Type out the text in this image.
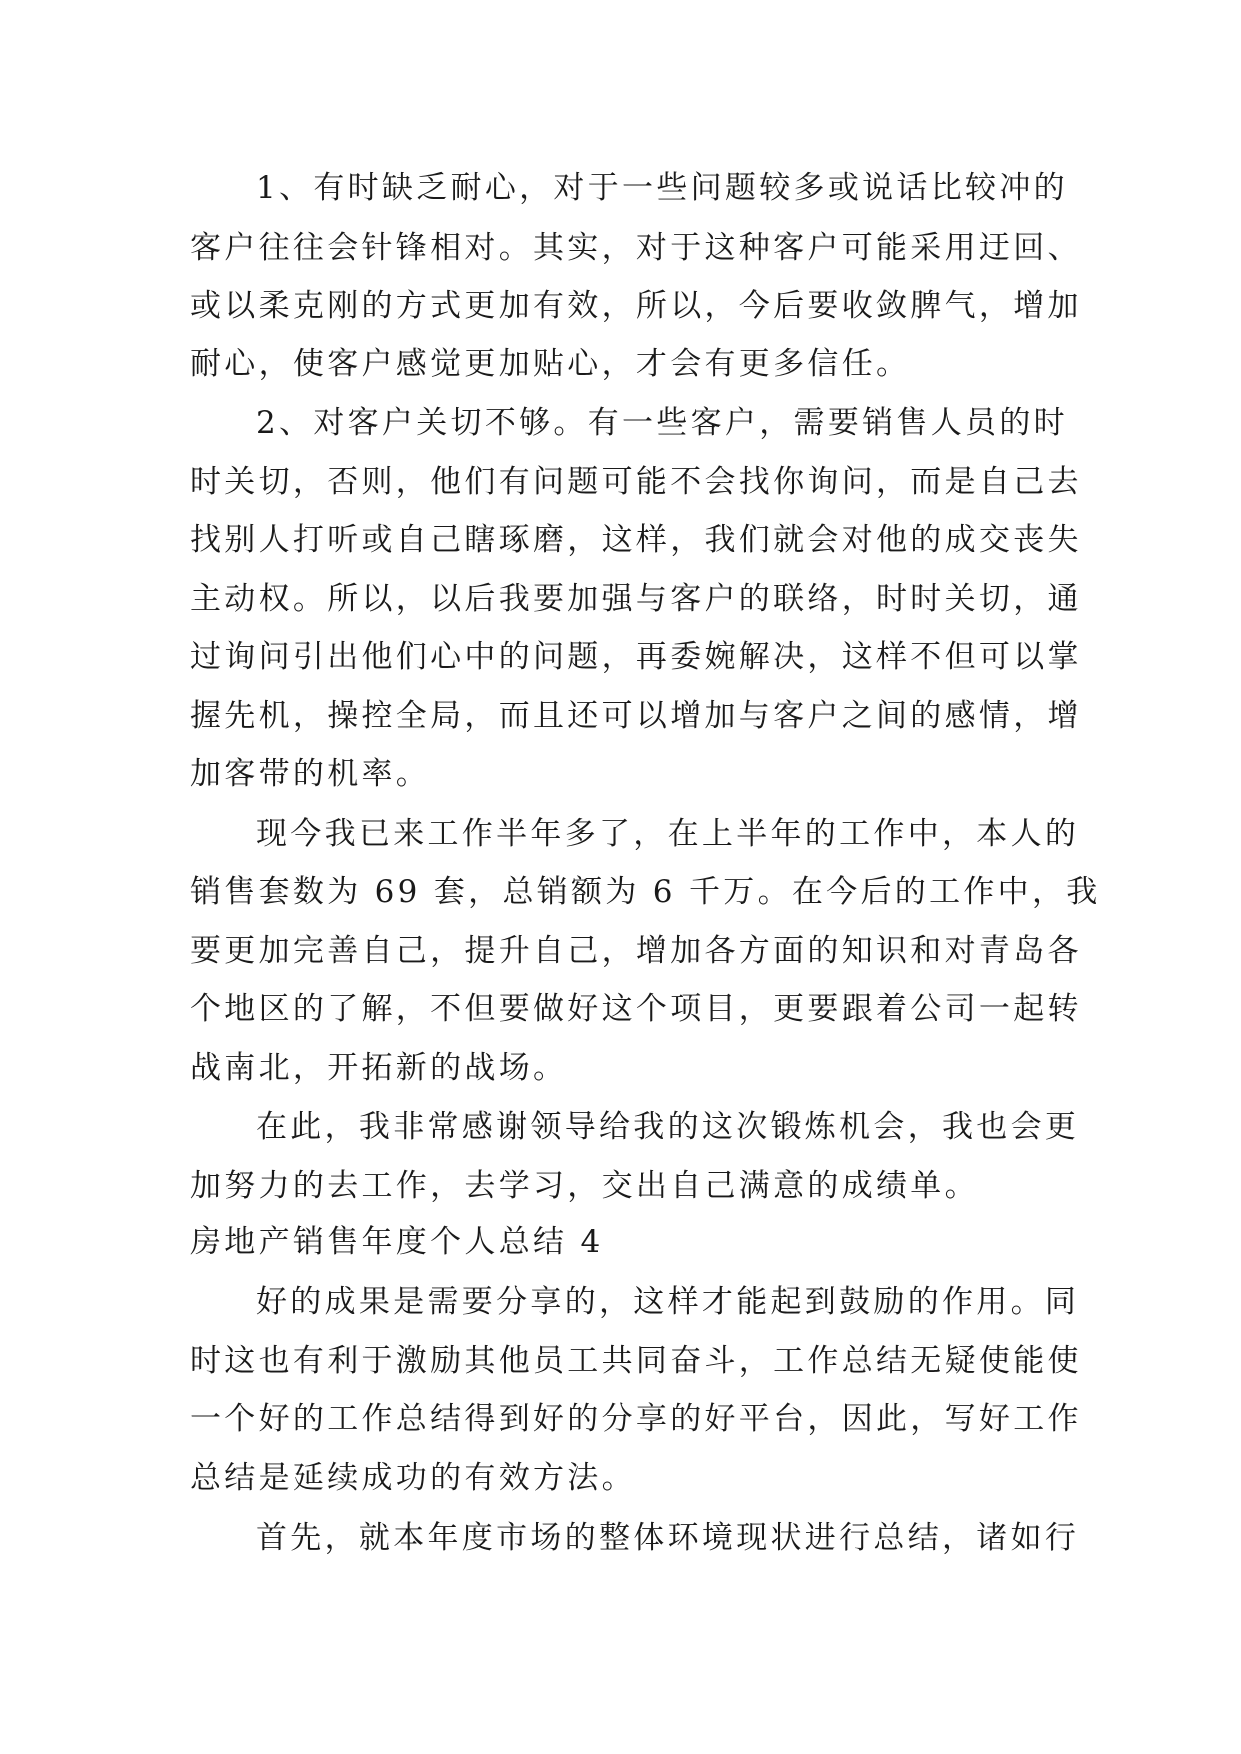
1、有时缺乏耐心，对于一些问题较多或说话比较冲的
客户往往会针锋相对。其实，对于这种客户可能采用迂回、
或以柔克刚的方式更加有效，所以，今后要收敛脾气，增加
耐心，使客户感觉更加贴心，才会有更多信任。
2、对客户关切不够。有一些客户，需要销售人员的时
时关切，否则，他们有问题可能不会找你询问，而是自己去
找别人打听或自己瞎琢磨，这样，我们就会对他的成交丧失
主动权。所以，以后我要加强与客户的联络，时时关切，通
过询问引出他们心中的问题，再委婉解决，这样不但可以掌
握先机，操控全局，而且还可以增加与客户之间的感情，增
加客带的机率。
现今我已来工作半年多了，在上半年的工作中，本人的
销售套数为 69 套，总销额为 6 千万。在今后的工作中，我
要更加完善自己，提升自己，增加各方面的知识和对青岛各
个地区的了解，不但要做好这个项目，更要跟着公司一起转
战南北，开拓新的战场。
在此，我非常感谢领导给我的这次锻炼机会，我也会更
加努力的去工作，去学习，交出自己满意的成绩单。
房地产销售年度个人总结 4
好的成果是需要分享的，这样才能起到鼓励的作用。同
时这也有利于激励其他员工共同奋斗，工作总结无疑使能使
一个好的工作总结得到好的分享的好平台，因此，写好工作
总结是延续成功的有效方法。
首先，就本年度市场的整体环境现状进行总结，诸如行
